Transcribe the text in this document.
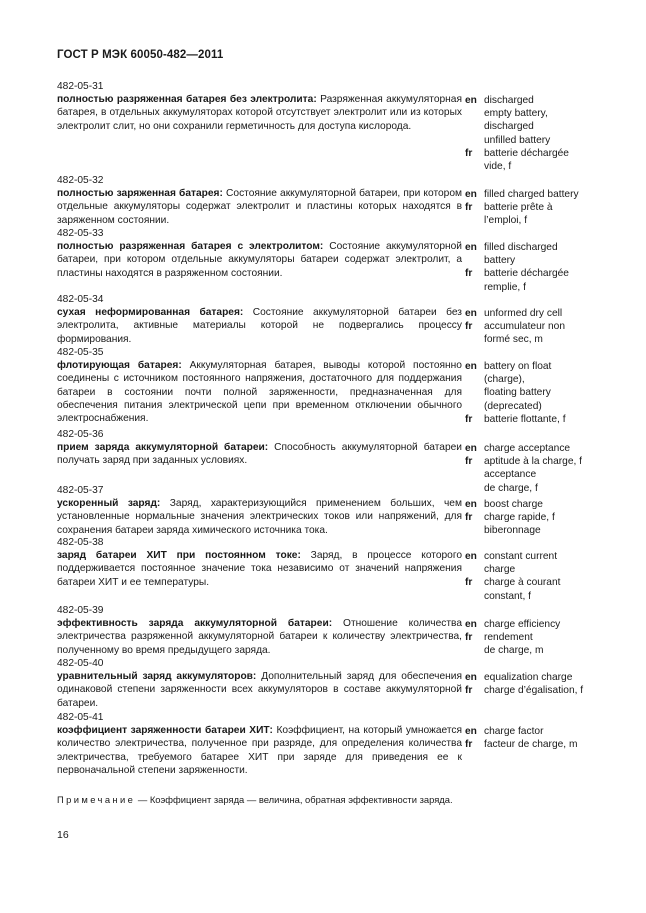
ГОСТ Р МЭК 60050-482—2011
482-05-31
полностью разряженная батарея без электролита: Разряженная аккумуляторная батарея, в отдельных аккумуляторах которой отсутствует электролит или из которых электролит слит, но они сохранили герметичность для доступа кислорода.
en discharged
empty battery,
discharged
unfilled battery
fr	batterie déchargée
vide, f
482-05-32
полностью заряженная батарея: Состояние аккумуляторной батареи, при котором отдельные аккумуляторы содержат электролит и пластины которых находятся в заряженном состоянии.
en filled charged battery
fr	batterie prête à
l’emploi, f
482-05-33
полностью разряженная батарея с электролитом: Состояние аккумуляторной батареи, при котором отдельные аккумуляторы батареи содержат электролит, а пластины находятся в разряженном состоянии.
en filled discharged
battery
fr	batterie déchargée
remplie, f
482-05-34
сухая неформированная батарея: Состояние аккумуляторной батареи без электролита, активные материалы которой не подвергались процессу формирования.
en unformed dry cell
fr	accumulateur non
formé sec, m
482-05-35
флотирующая батарея: Аккумуляторная батарея, выводы которой постоянно соединены с источником постоянного напряжения, достаточного для поддержания батареи в состоянии почти полной заряженности, предназначенная для обеспечения питания электрической цепи при временном отключении обычного электроснабжения.
en battery on float
(charge),
floating battery
(deprecated)
fr	batterie flottante, f
482-05-36
прием заряда аккумуляторной батареи: Способность аккумуляторной батареи получать заряд при заданных условиях.
en charge acceptance
fr	aptitude à la charge, f
acceptance
de charge, f
482-05-37
ускоренный заряд: Заряд, характеризующийся применением больших, чем установленные нормальные значения электрических токов или напряжений, для сохранения батареи заряда химического источника тока.
en boost charge
fr	charge rapide, f
biberonnage
482-05-38
заряд батареи ХИТ при постоянном токе: Заряд, в процессе которого поддерживается постоянное значение тока независимо от значений напряжения батареи ХИТ и ее температуры.
en constant current
charge
fr	charge à courant
constant, f
482-05-39
эффективность заряда аккумуляторной батареи: Отношение количества электричества разряженной аккумуляторной батареи к количеству электричества, полученному во время предыдущего заряда.
en charge efficiency
fr	rendement
de charge, m
482-05-40
уравнительный заряд аккумуляторов: Дополнительный заряд для обеспечения одинаковой степени заряженности всех аккумуляторов в составе аккумуляторной батареи.
en equalization charge
fr	charge d’égalisation, f
482-05-41
коэффициент заряженности батареи ХИТ: Коэффициент, на который умножается количество электричества, полученное при разряде, для определения количества электричества, требуемого батарее ХИТ при заряде для приведения ее к первоначальной степени заряженности.
en charge factor
fr	facteur de charge, m
Примечание — Коэффициент заряда — величина, обратная эффективности заряда.
16
